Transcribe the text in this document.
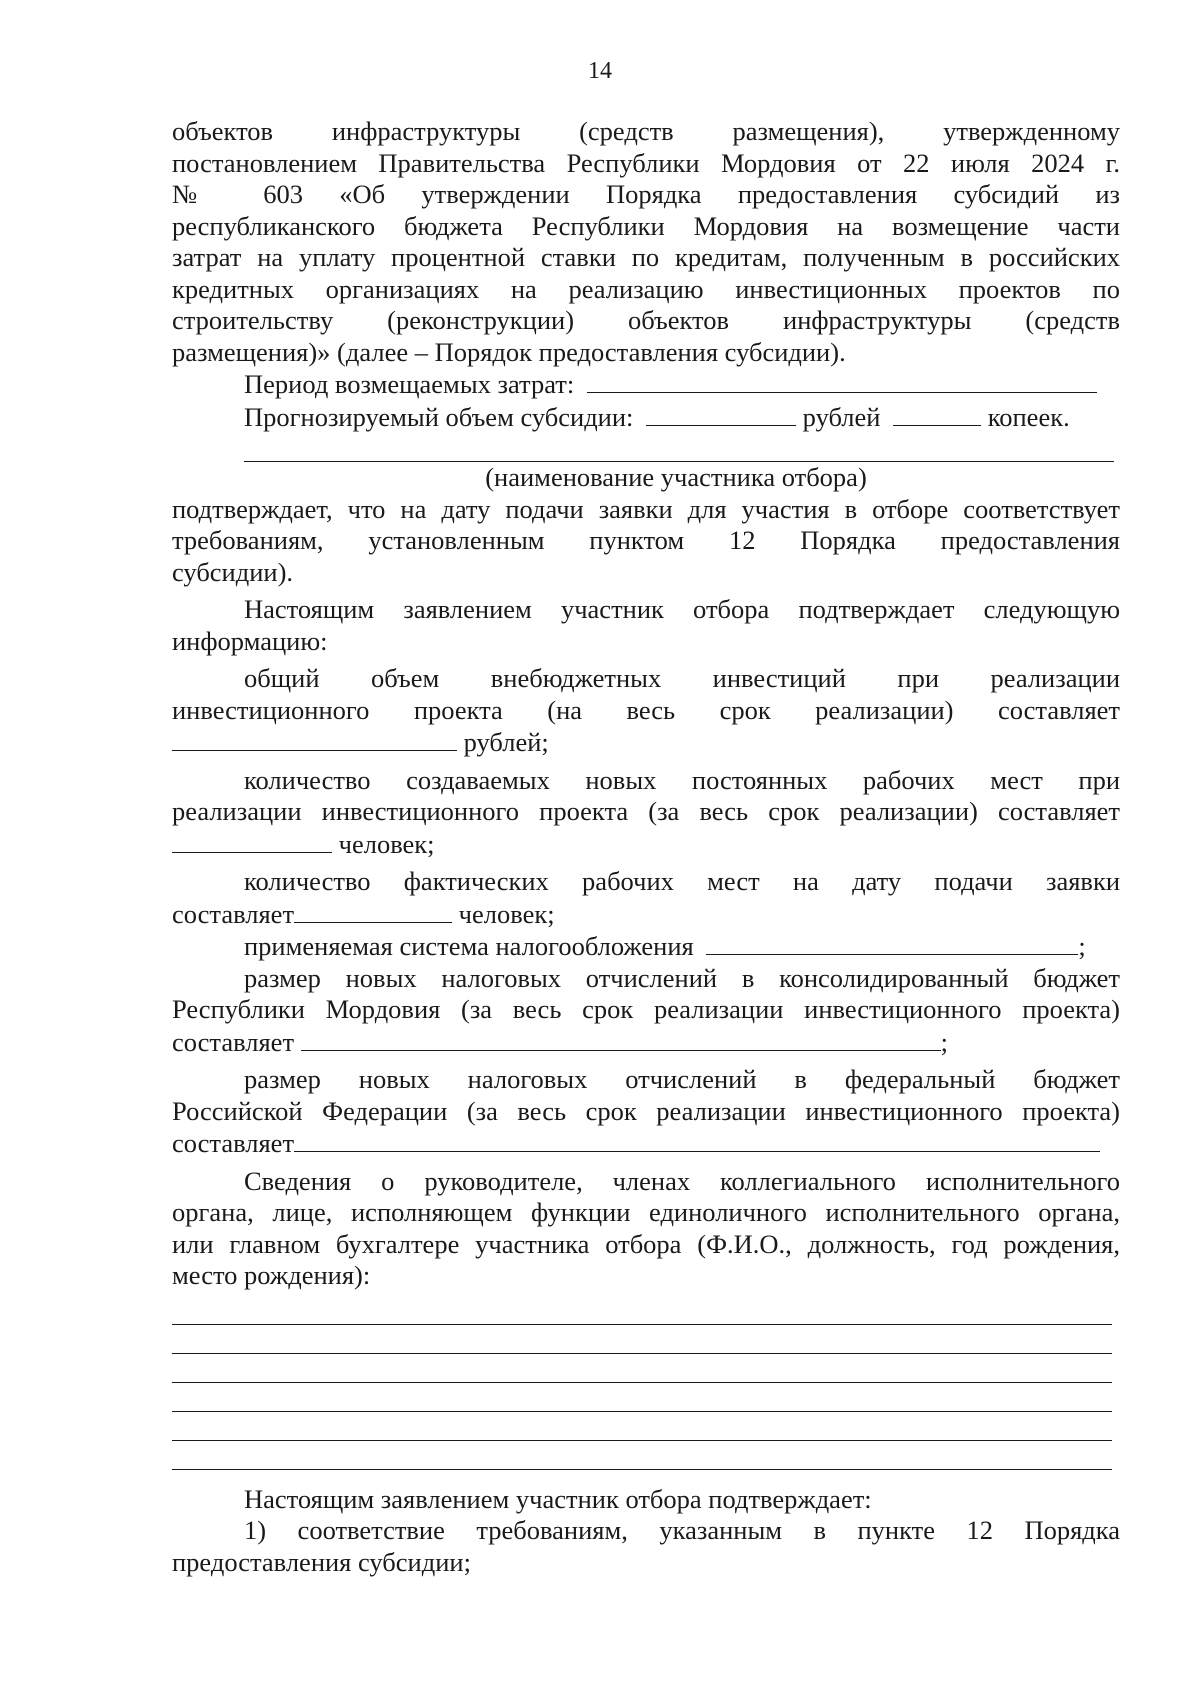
14

объектов инфраструктуры (средств размещения), утвержденному

постановлением Правительства Республики Мордовия от 22 июля 2024 г.

№ 603 «Об утверждении Порядка предоставления субсидий из

республиканского бюджета Республики Мордовия на возмещение части

затрат на уплату процентной ставки по кредитам, полученным в российских

кредитных организациях на реализацию инвестиционных проектов по

строительству (реконструкции) объектов инфраструктуры (средств

размещения)» (далее – Порядок предоставления субсидии).

Период возмещаемых затрат:

Прогнозируемый объем субсидии:	рублей	копеек.

(наименование участника отбора)

подтверждает, что на дату подачи заявки для участия в отборе соответствует

требованиям, установленным пунктом 12 Порядка предоставления

субсидии).

Настоящим заявлением участник отбора подтверждает следующую

информацию:

общий объем внебюджетных инвестиций при реализации

инвестиционного проекта (на весь срок реализации) составляет

рублей;

количество создаваемых новых постоянных рабочих мест при

реализации инвестиционного проекта (за весь срок реализации) составляет

человек;

количество фактических рабочих мест на дату подачи заявки

составляет	человек;

применяемая система налогообложения	;

размер новых налоговых отчислений в консолидированный бюджет

Республики Мордовия (за весь срок реализации инвестиционного проекта)

составляет	;

размер новых налоговых отчислений в федеральный бюджет

Российской Федерации (за весь срок реализации инвестиционного проекта)

составляет

Сведения о руководителе, членах коллегиального исполнительного

органа, лице, исполняющем функции единоличного исполнительного органа,

или главном бухгалтере участника отбора (Ф.И.О., должность, год рождения,

место рождения):

Настоящим заявлением участник отбора подтверждает:

1) соответствие требованиям, указанным в пункте 12 Порядка

предоставления субсидии;
